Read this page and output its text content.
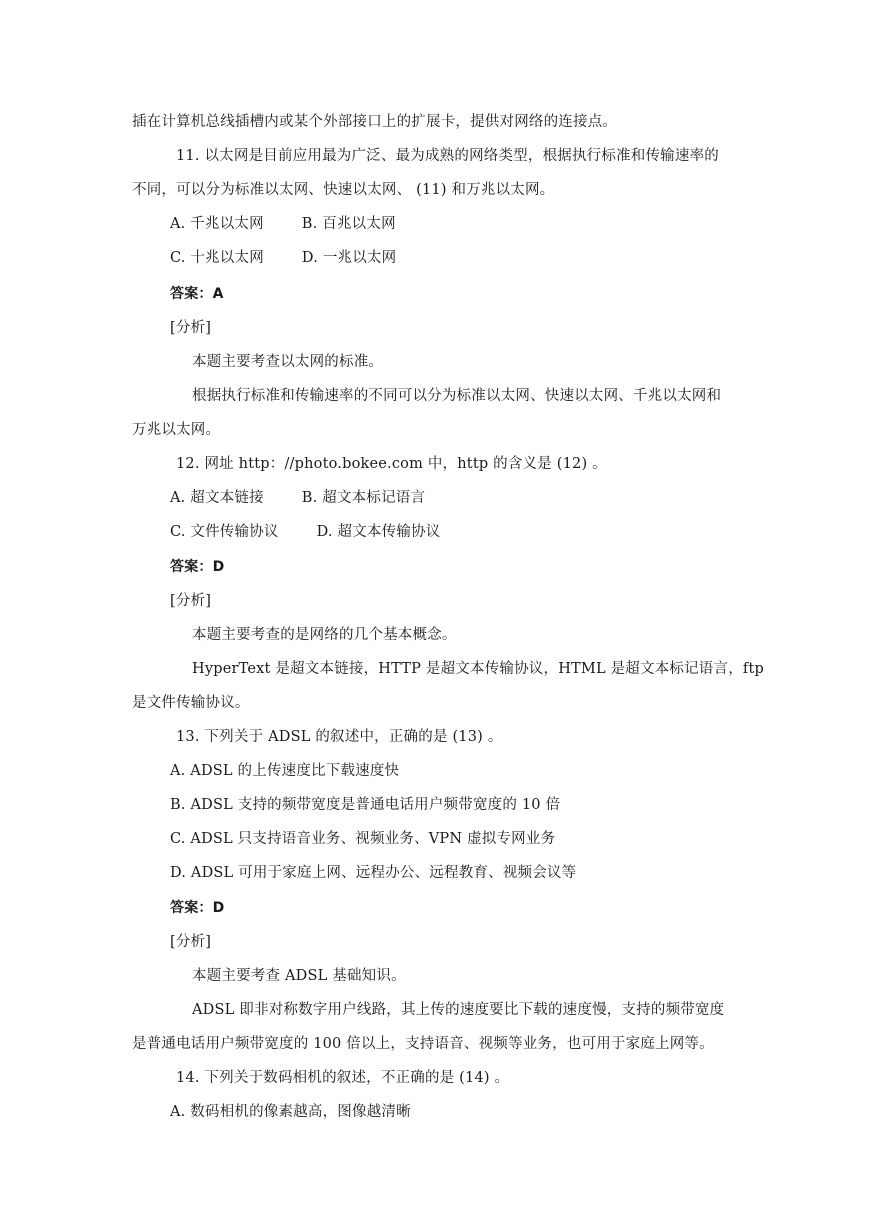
插在计算机总线插槽内或某个外部接口上的扩展卡，提供对网络的连接点。
11. 以太网是目前应用最为广泛、最为成熟的网络类型，根据执行标准和传输速率的
不同，可以分为标准以太网、快速以太网、 (11) 和万兆以太网。
A. 千兆以太网	B. 百兆以太网
C. 十兆以太网	D. 一兆以太网
答案：A
[分析]
本题主要考查以太网的标准。
根据执行标准和传输速率的不同可以分为标准以太网、快速以太网、千兆以太网和
万兆以太网。
12. 网址 http：//photo.bokee.com 中，http 的含义是 (12) 。
A. 超文本链接	B. 超文本标记语言
C. 文件传输协议	D. 超文本传输协议
答案：D
[分析]
本题主要考查的是网络的几个基本概念。
HyperText 是超文本链接，HTTP 是超文本传输协议，HTML 是超文本标记语言，ftp
是文件传输协议。
13. 下列关于 ADSL 的叙述中，正确的是 (13) 。
A. ADSL 的上传速度比下载速度快
B. ADSL 支持的频带宽度是普通电话用户频带宽度的 10 倍
C. ADSL 只支持语音业务、视频业务、VPN 虚拟专网业务
D. ADSL 可用于家庭上网、远程办公、远程教育、视频会议等
答案：D
[分析]
本题主要考查 ADSL 基础知识。
ADSL 即非对称数字用户线路，其上传的速度要比下载的速度慢，支持的频带宽度
是普通电话用户频带宽度的 100 倍以上，支持语音、视频等业务，也可用于家庭上网等。
14. 下列关于数码相机的叙述，不正确的是 (14) 。
A. 数码相机的像素越高，图像越清晰
